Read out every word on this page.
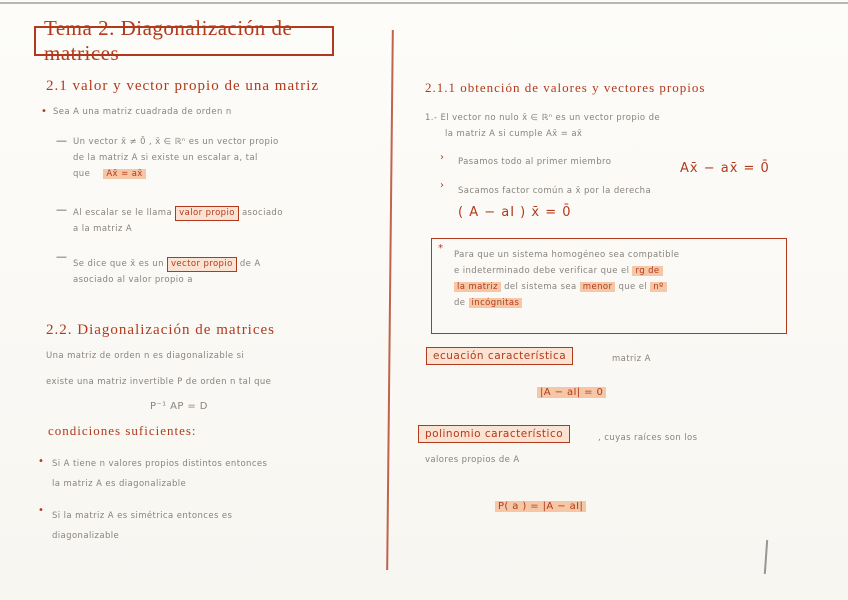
Tema 2. Diagonalización de matrices
2.1 valor y vector propio de una matriz
• Sea A una matriz cuadrada de orden n
— Un vector x̄ ≠ 0̄ , x̄ ∈ ℝⁿ es un vector propio
de la matriz A si existe un escalar a, tal
que Ax̄ = ax̄
— Al escalar se le llama valor propio asociado
a la matriz A
—
Se dice que x̄ es un vector propio de A
asociado al valor propio a
2.2. Diagonalización de matrices
Una matriz de orden n es diagonalizable si
existe una matriz invertible P de orden n tal que
P⁻¹ AP = D
condiciones suficientes:
• Si A tiene n valores propios distintos entonces
la matriz A es diagonalizable
• Si la matriz A es simétrica entonces es
diagonalizable
2.1.1 obtención de valores y vectores propios
1.- El vector no nulo x̄ ∈ ℝⁿ es un vector propio de
la matriz A si cumple Ax̄ = ax̄
› Pasamos todo al primer miembro	Ax̄ − ax̄ = 0̄
› Sacamos factor común a x̄ por la derecha
( A − aI ) x̄ = 0̄
*
Para que un sistema homogéneo sea compatible
e indeterminado debe verificar que el rg de
la matriz del sistema sea menor que el nº
de incógnitas
ecuación característica	matriz A
|A − aI| = 0
polinomio característico	, cuyas raíces son los
valores propios de A
P( a ) = |A − aI|
